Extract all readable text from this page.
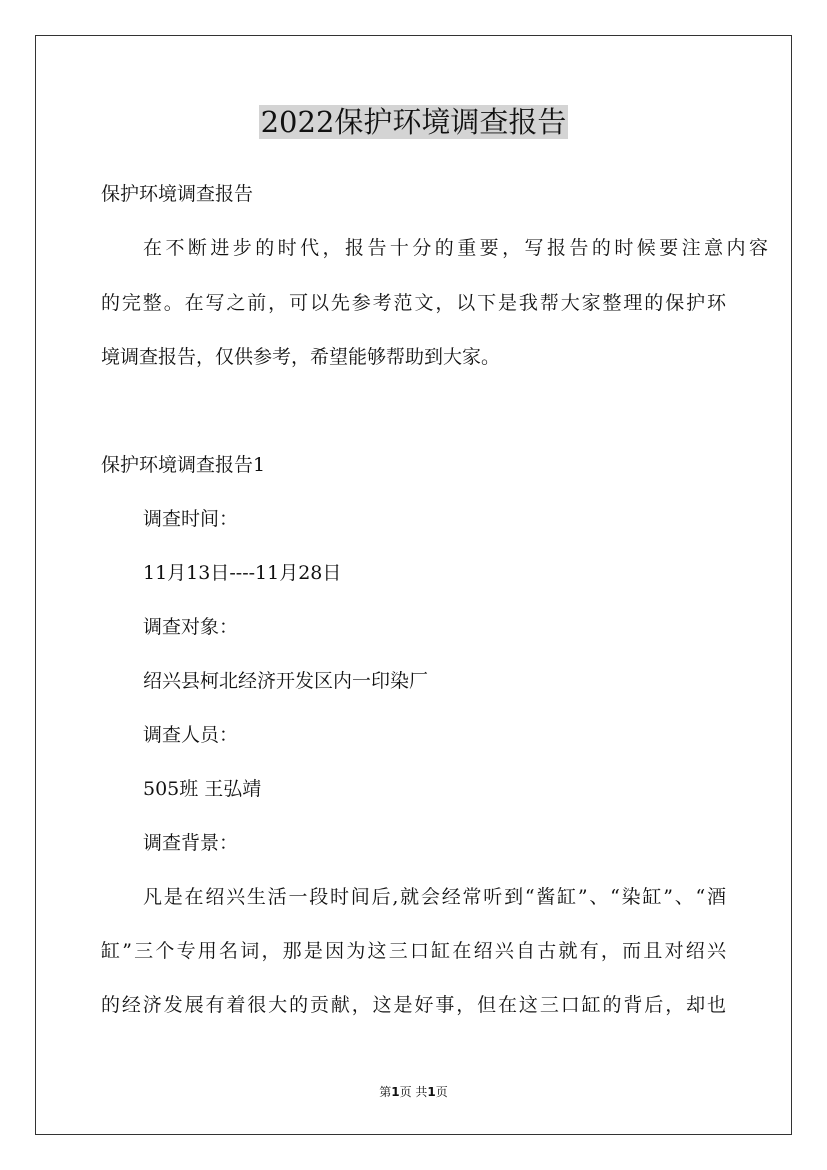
2022保护环境调查报告

保护环境调查报告

在不断进步的时代，报告十分的重要，写报告的时候要注意内容

的完整。在写之前，可以先参考范文，以下是我帮大家整理的保护环

境调查报告，仅供参考，希望能够帮助到大家。

保护环境调查报告1

调查时间：

11月13日----11月28日

调查对象：

绍兴县柯北经济开发区内一印染厂

调查人员：

505班 王弘靖

调查背景：

凡是在绍兴生活一段时间后,就会经常听到“酱缸”、“染缸”、“酒

缸”三个专用名词，那是因为这三口缸在绍兴自古就有，而且对绍兴

的经济发展有着很大的贡献，这是好事，但在这三口缸的背后，却也

第1页 共1页
